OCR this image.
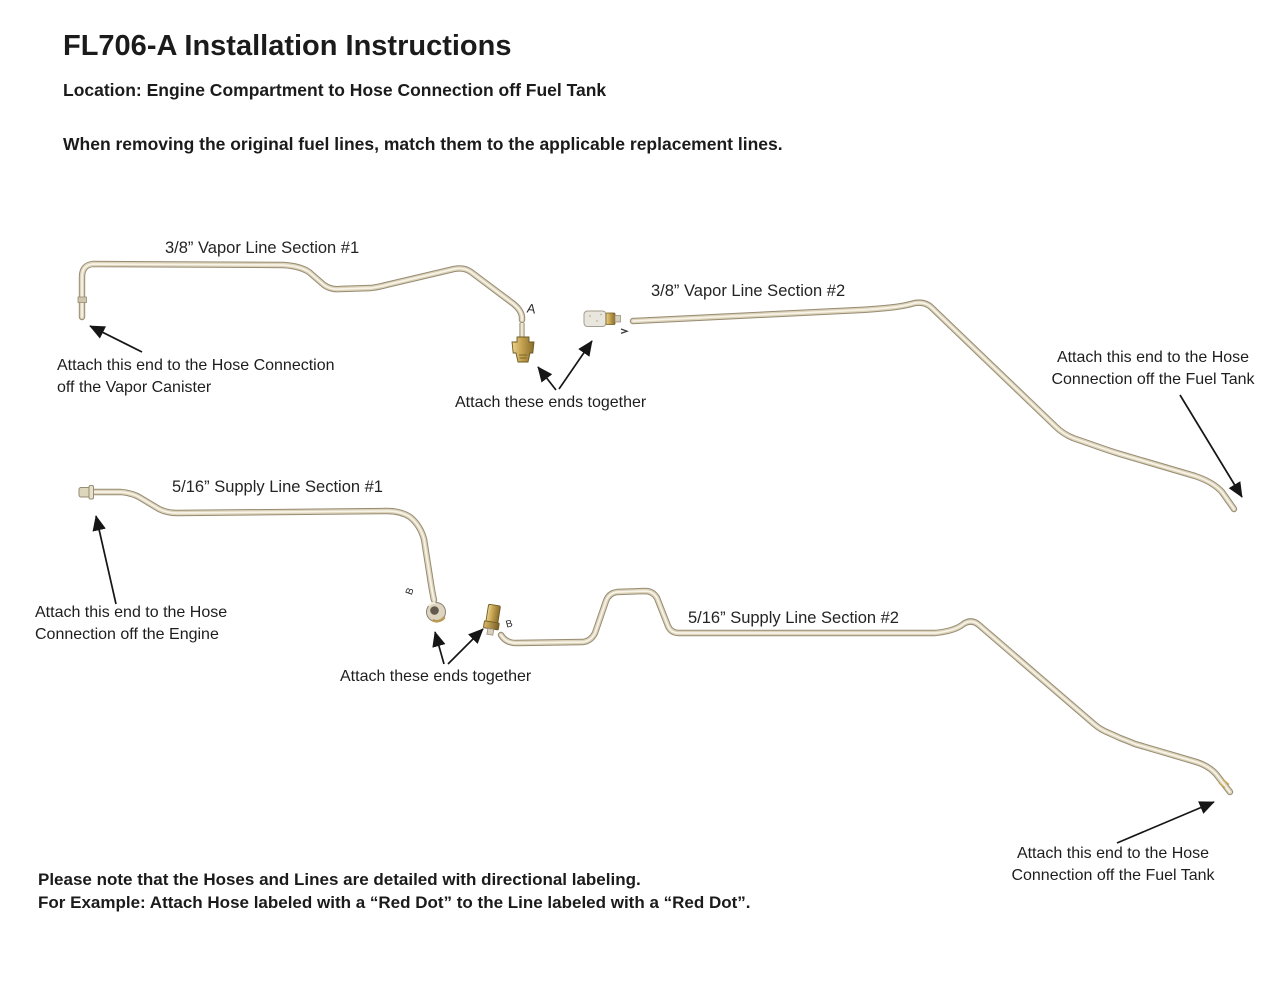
FL706-A Installation Instructions
Location: Engine Compartment to Hose Connection off Fuel Tank
When removing the original fuel lines, match them to the applicable replacement lines.
3/8” Vapor Line Section #1
3/8” Vapor Line Section #2
5/16” Supply Line Section #1
5/16” Supply Line Section #2
Attach this end to the Hose Connection off the Vapor Canister
Attach these ends together
Attach this end to the Hose Connection off the Fuel Tank
Attach this end to the Hose Connection off the Engine
Attach these ends together
Attach this end to the Hose Connection off the Fuel Tank
A
B
B
Please note that the Hoses and Lines are detailed with directional labeling.
For Example: Attach Hose labeled with a “Red Dot” to the Line labeled with a “Red Dot”.
